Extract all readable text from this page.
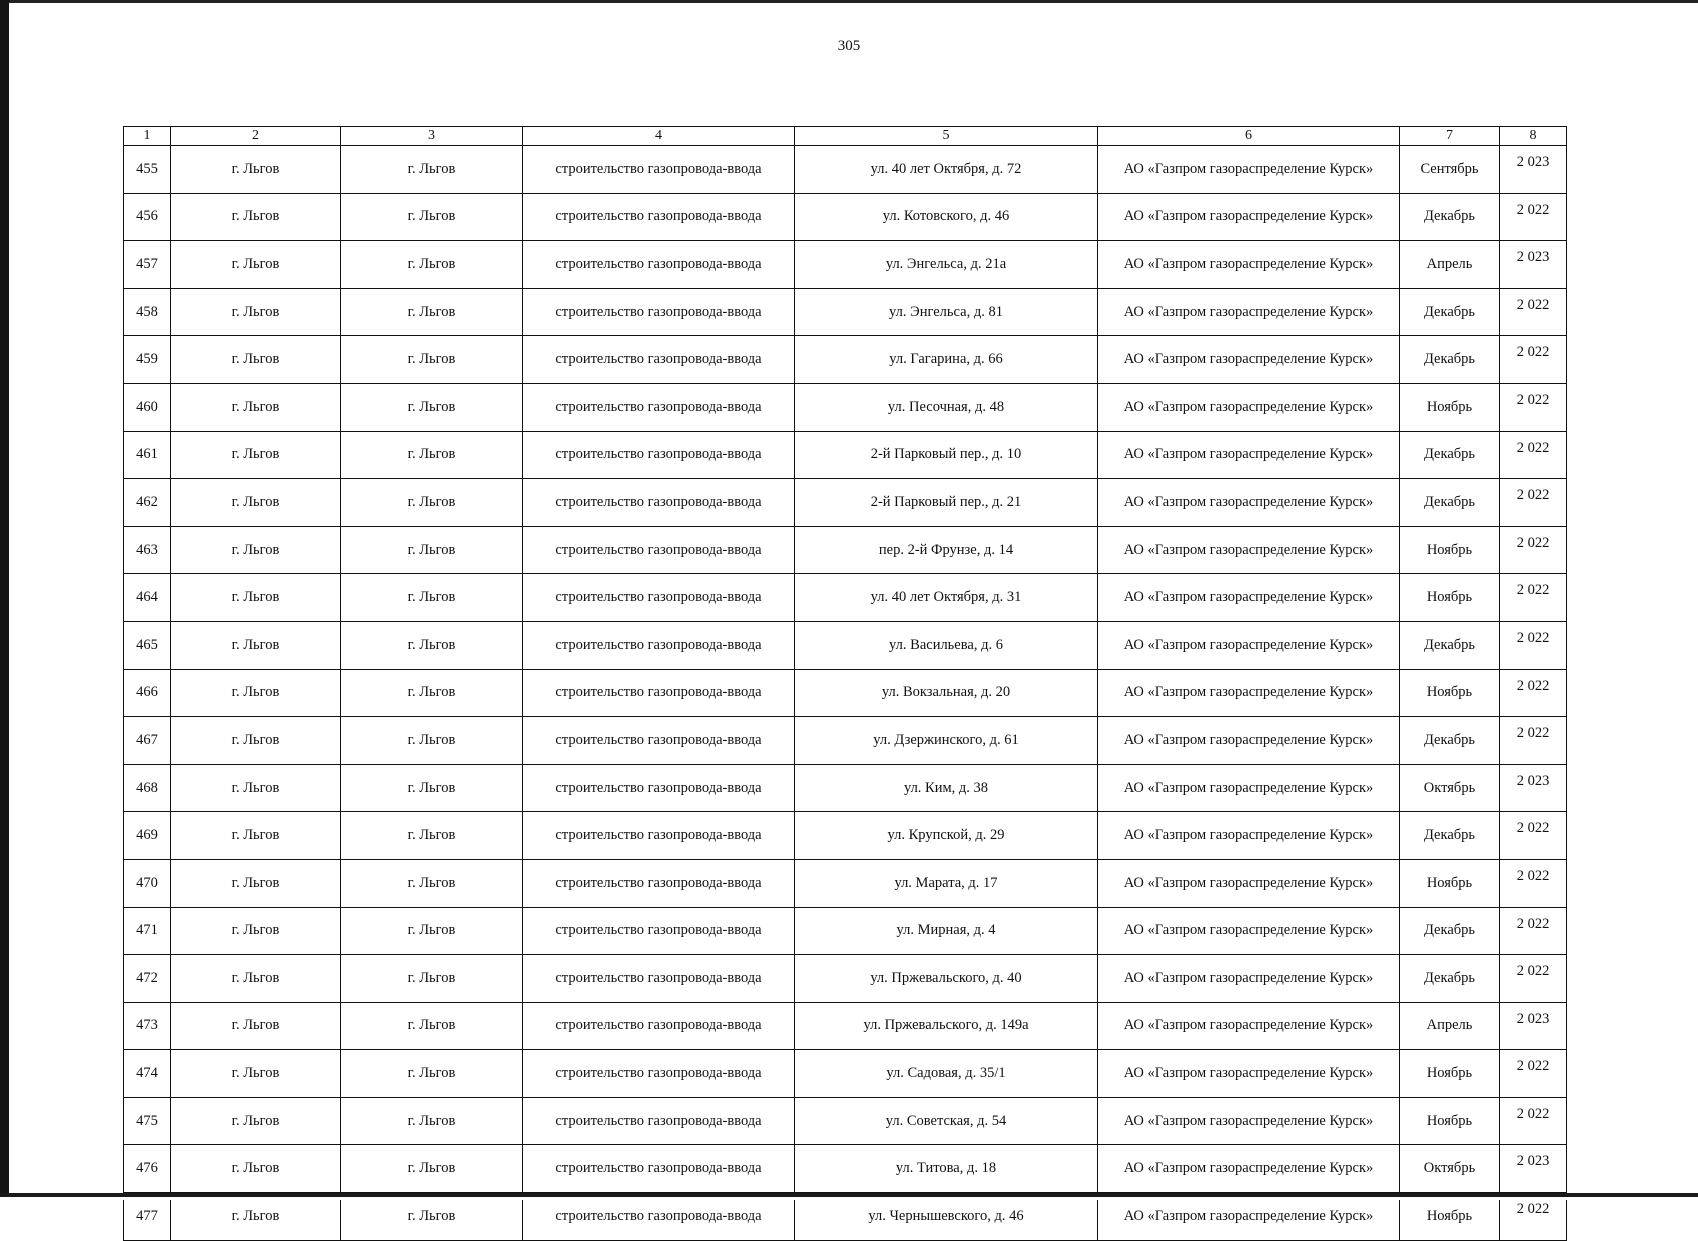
305
1	2	3	4	5	6	7	8
455	г. Льгов	г. Льгов	строительство газопровода-ввода	ул. 40 лет Октября, д. 72	АО «Газпром газораспределение Курск»	Сентябрь	2 023
456	г. Льгов	г. Льгов	строительство газопровода-ввода	ул. Котовского, д. 46	АО «Газпром газораспределение Курск»	Декабрь	2 022
457	г. Льгов	г. Льгов	строительство газопровода-ввода	ул. Энгельса, д. 21а	АО «Газпром газораспределение Курск»	Апрель	2 023
458	г. Льгов	г. Льгов	строительство газопровода-ввода	ул. Энгельса, д. 81	АО «Газпром газораспределение Курск»	Декабрь	2 022
459	г. Льгов	г. Льгов	строительство газопровода-ввода	ул. Гагарина, д. 66	АО «Газпром газораспределение Курск»	Декабрь	2 022
460	г. Льгов	г. Льгов	строительство газопровода-ввода	ул. Песочная, д. 48	АО «Газпром газораспределение Курск»	Ноябрь	2 022
461	г. Льгов	г. Льгов	строительство газопровода-ввода	2-й Парковый пер., д. 10	АО «Газпром газораспределение Курск»	Декабрь	2 022
462	г. Льгов	г. Льгов	строительство газопровода-ввода	2-й Парковый пер., д. 21	АО «Газпром газораспределение Курск»	Декабрь	2 022
463	г. Льгов	г. Льгов	строительство газопровода-ввода	пер. 2-й Фрунзе, д. 14	АО «Газпром газораспределение Курск»	Ноябрь	2 022
464	г. Льгов	г. Льгов	строительство газопровода-ввода	ул. 40 лет Октября, д. 31	АО «Газпром газораспределение Курск»	Ноябрь	2 022
465	г. Льгов	г. Льгов	строительство газопровода-ввода	ул. Васильева, д. 6	АО «Газпром газораспределение Курск»	Декабрь	2 022
466	г. Льгов	г. Льгов	строительство газопровода-ввода	ул. Вокзальная, д. 20	АО «Газпром газораспределение Курск»	Ноябрь	2 022
467	г. Льгов	г. Льгов	строительство газопровода-ввода	ул. Дзержинского, д. 61	АО «Газпром газораспределение Курск»	Декабрь	2 022
468	г. Льгов	г. Льгов	строительство газопровода-ввода	ул. Ким, д. 38	АО «Газпром газораспределение Курск»	Октябрь	2 023
469	г. Льгов	г. Льгов	строительство газопровода-ввода	ул. Крупской, д. 29	АО «Газпром газораспределение Курск»	Декабрь	2 022
470	г. Льгов	г. Льгов	строительство газопровода-ввода	ул. Марата, д. 17	АО «Газпром газораспределение Курск»	Ноябрь	2 022
471	г. Льгов	г. Льгов	строительство газопровода-ввода	ул. Мирная, д. 4	АО «Газпром газораспределение Курск»	Декабрь	2 022
472	г. Льгов	г. Льгов	строительство газопровода-ввода	ул. Пржевальского, д. 40	АО «Газпром газораспределение Курск»	Декабрь	2 022
473	г. Льгов	г. Льгов	строительство газопровода-ввода	ул. Пржевальского, д. 149а	АО «Газпром газораспределение Курск»	Апрель	2 023
474	г. Льгов	г. Льгов	строительство газопровода-ввода	ул. Садовая, д. 35/1	АО «Газпром газораспределение Курск»	Ноябрь	2 022
475	г. Льгов	г. Льгов	строительство газопровода-ввода	ул. Советская, д. 54	АО «Газпром газораспределение Курск»	Ноябрь	2 022
476	г. Льгов	г. Льгов	строительство газопровода-ввода	ул. Титова, д. 18	АО «Газпром газораспределение Курск»	Октябрь	2 023
477	г. Льгов	г. Льгов	строительство газопровода-ввода	ул. Чернышевского, д. 46	АО «Газпром газораспределение Курск»	Ноябрь	2 022
